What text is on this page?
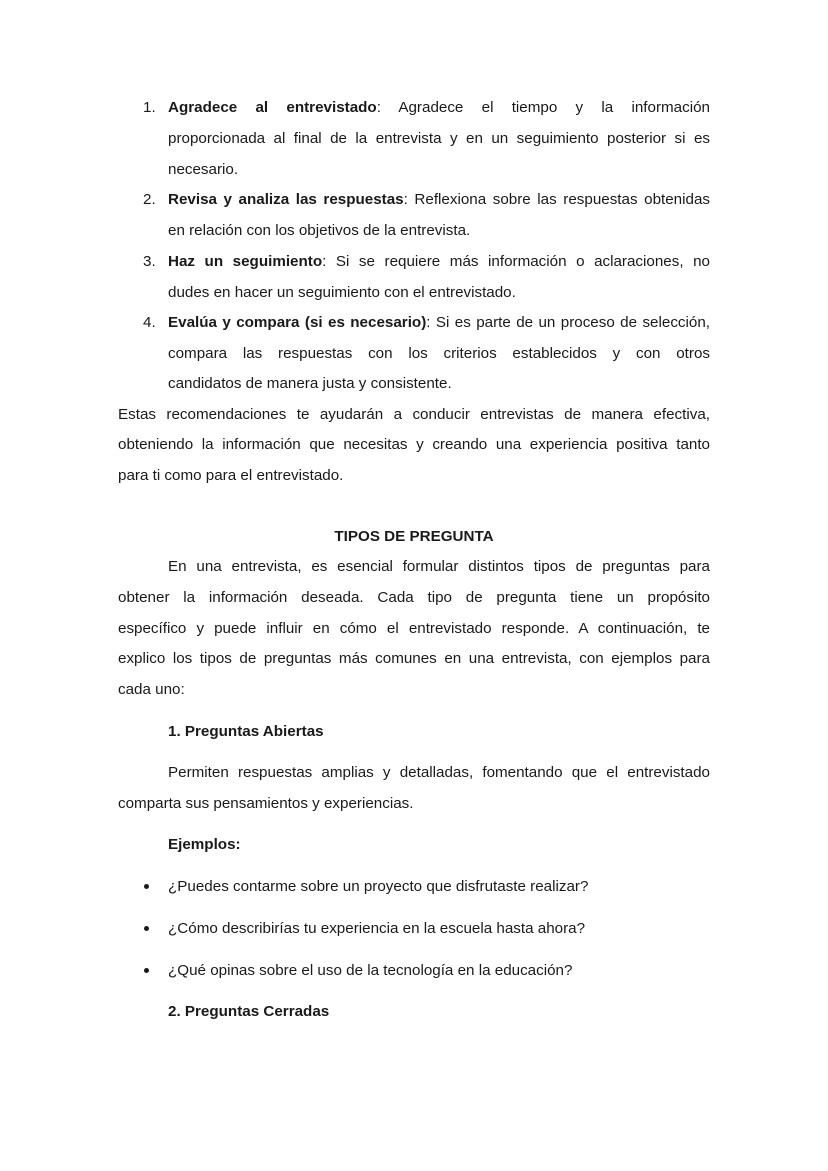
1. Agradece al entrevistado: Agradece el tiempo y la información
proporcionada al final de la entrevista y en un seguimiento posterior si es
necesario.
2. Revisa y analiza las respuestas: Reflexiona sobre las respuestas obtenidas
en relación con los objetivos de la entrevista.
3. Haz un seguimiento: Si se requiere más información o aclaraciones, no
dudes en hacer un seguimiento con el entrevistado.
4. Evalúa y compara (si es necesario): Si es parte de un proceso de selección,
compara las respuestas con los criterios establecidos y con otros
candidatos de manera justa y consistente.
Estas recomendaciones te ayudarán a conducir entrevistas de manera efectiva,
obteniendo la información que necesitas y creando una experiencia positiva tanto
para ti como para el entrevistado.
TIPOS DE PREGUNTA
En una entrevista, es esencial formular distintos tipos de preguntas para
obtener la información deseada. Cada tipo de pregunta tiene un propósito
específico y puede influir en cómo el entrevistado responde. A continuación, te
explico los tipos de preguntas más comunes en una entrevista, con ejemplos para
cada uno:
1. Preguntas Abiertas
Permiten respuestas amplias y detalladas, fomentando que el entrevistado
comparta sus pensamientos y experiencias.
Ejemplos:
¿Puedes contarme sobre un proyecto que disfrutaste realizar?
¿Cómo describirías tu experiencia en la escuela hasta ahora?
¿Qué opinas sobre el uso de la tecnología en la educación?
2. Preguntas Cerradas
